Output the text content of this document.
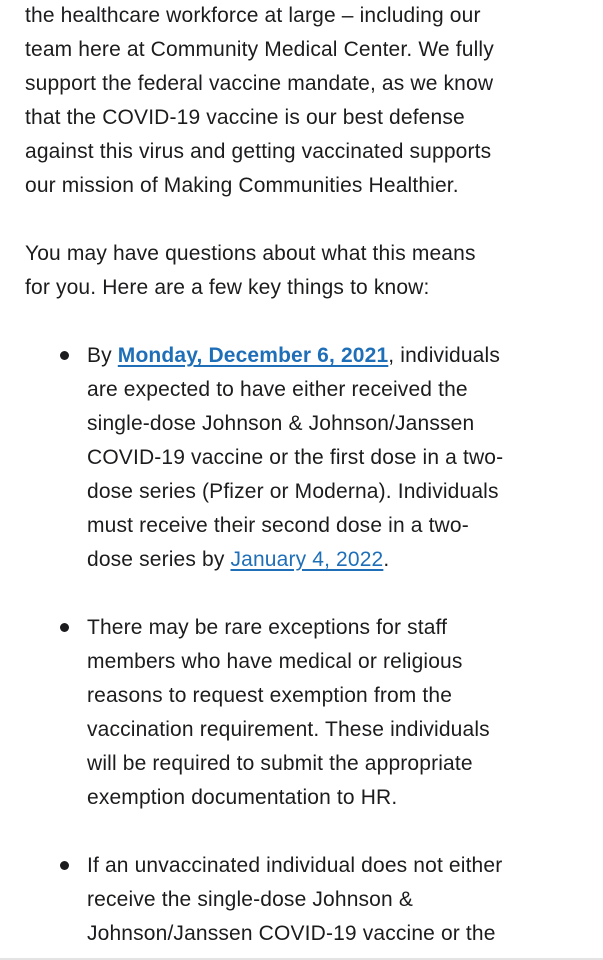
the healthcare workforce at large – including our
team here at Community Medical Center. We fully
support the federal vaccine mandate, as we know
that the COVID-19 vaccine is our best defense
against this virus and getting vaccinated supports
our mission of Making Communities Healthier.

You may have questions about what this means
for you. Here are a few key things to know:

By Monday, December 6, 2021, individuals
are expected to have either received the
single-dose Johnson & Johnson/Janssen
COVID-19 vaccine or the first dose in a two-
dose series (Pfizer or Moderna). Individuals
must receive their second dose in a two-
dose series by January 4, 2022.
There may be rare exceptions for staff
members who have medical or religious
reasons to request exemption from the
vaccination requirement. These individuals
will be required to submit the appropriate
exemption documentation to HR.
If an unvaccinated individual does not either
receive the single-dose Johnson &
Johnson/Janssen COVID-19 vaccine or the
